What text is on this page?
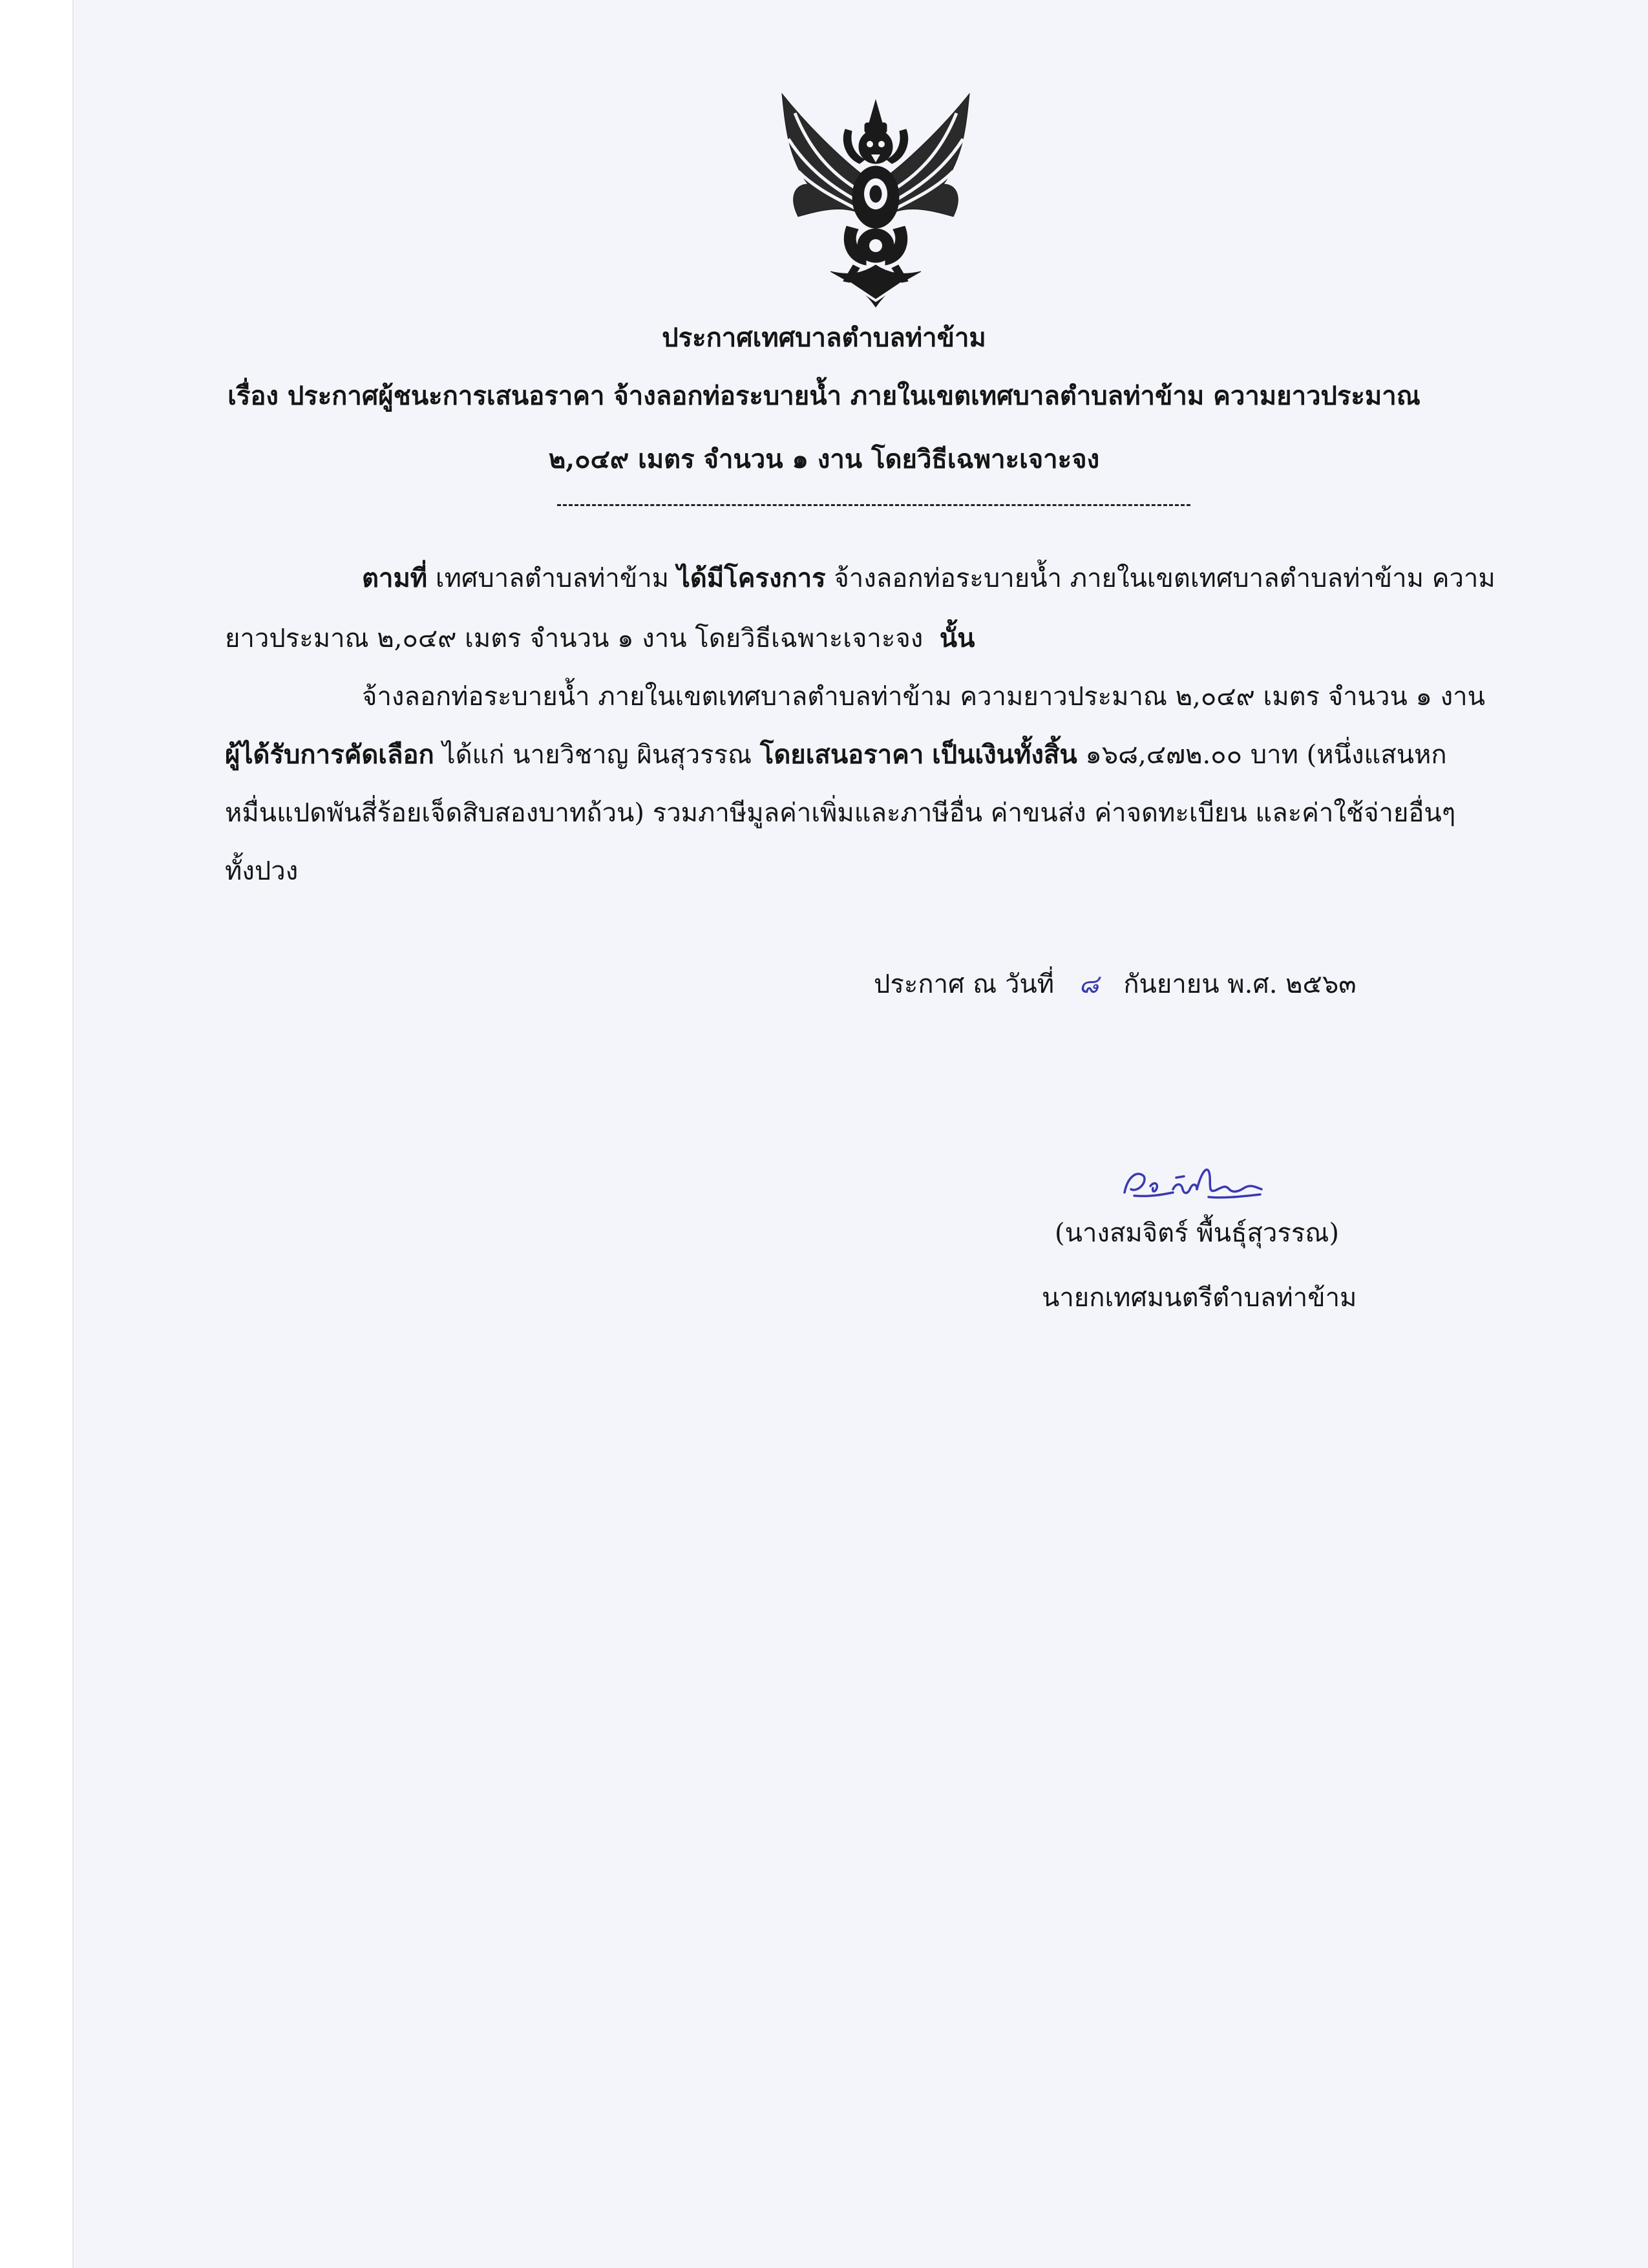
ประกาศเทศบาลตำบลท่าข้าม
เรื่อง ประกาศผู้ชนะการเสนอราคา จ้างลอกท่อระบายน้ำ ภายในเขตเทศบาลตำบลท่าข้าม ความยาวประมาณ
๒,๐๔๙ เมตร จำนวน ๑ งาน โดยวิธีเฉพาะเจาะจง
ตามที่ เทศบาลตำบลท่าข้าม ได้มีโครงการ จ้างลอกท่อระบายน้ำ ภายในเขตเทศบาลตำบลท่าข้าม ความ
ยาวประมาณ ๒,๐๔๙ เมตร จำนวน ๑ งาน โดยวิธีเฉพาะเจาะจง นั้น
จ้างลอกท่อระบายน้ำ ภายในเขตเทศบาลตำบลท่าข้าม ความยาวประมาณ ๒,๐๔๙ เมตร จำนวน ๑ งาน
ผู้ได้รับการคัดเลือก ได้แก่ นายวิชาญ ผินสุวรรณ โดยเสนอราคา เป็นเงินทั้งสิ้น ๑๖๘,๔๗๒.๐๐ บาท (หนึ่งแสนหก
หมื่นแปดพันสี่ร้อยเจ็ดสิบสองบาทถ้วน) รวมภาษีมูลค่าเพิ่มและภาษีอื่น ค่าขนส่ง ค่าจดทะเบียน และค่าใช้จ่ายอื่นๆ
ทั้งปวง
ประกาศ ณ วันที่ ๘ กันยายน พ.ศ. ๒๕๖๓
(นางสมจิตร์ พื้นธุ์สุวรรณ)
นายกเทศมนตรีตำบลท่าข้าม
